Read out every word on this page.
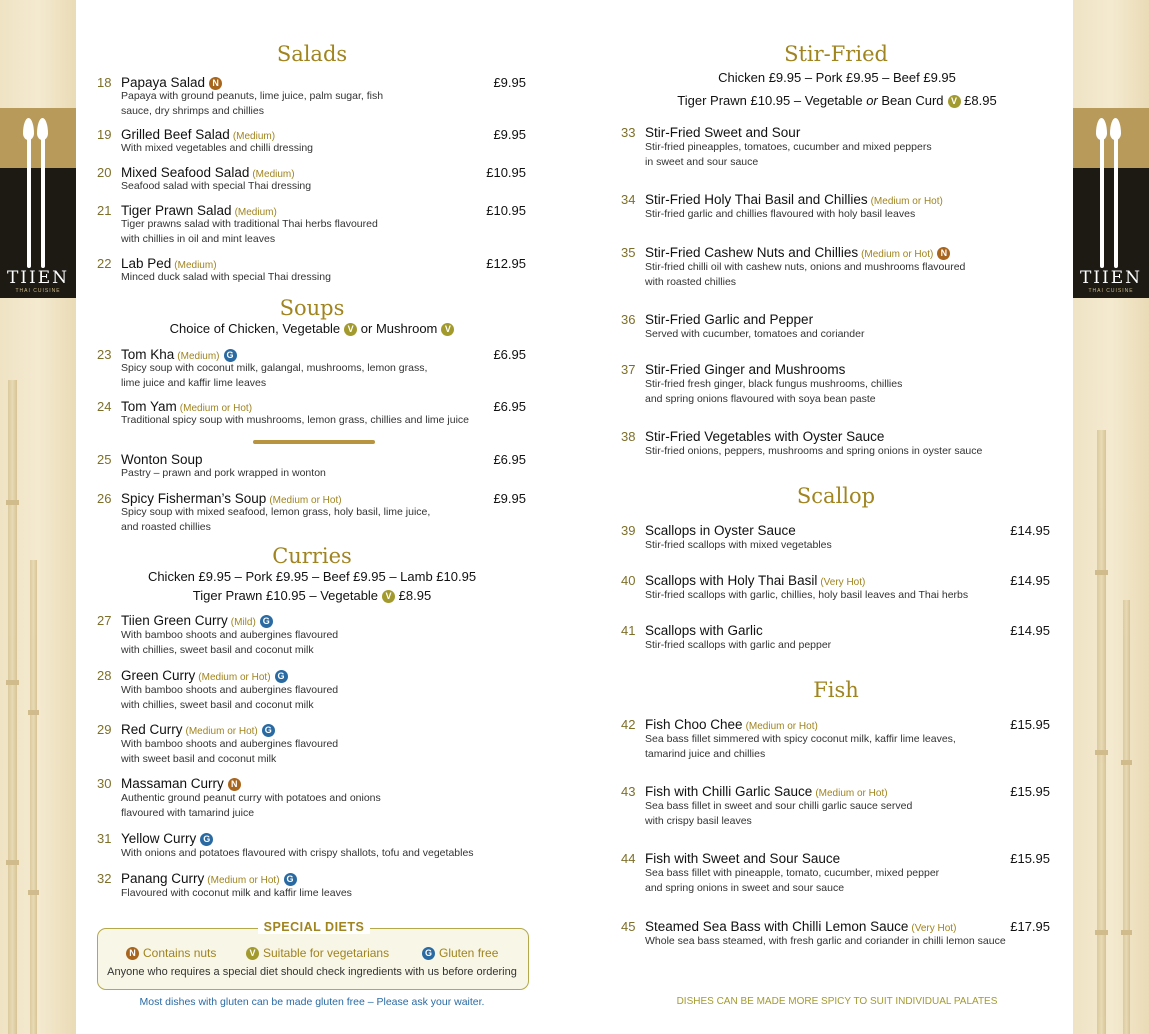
TIIEN
THAI CUISINE
TIIEN
THAI CUISINE
Salads
18 Papaya Salad N
Papaya with ground peanuts, lime juice, palm sugar, fish
sauce, dry shrimps and chillies
£9.95
19 Grilled Beef Salad (Medium)
With mixed vegetables and chilli dressing
£9.95
20 Mixed Seafood Salad (Medium)
Seafood salad with special Thai dressing
£10.95
21 Tiger Prawn Salad (Medium)
Tiger prawns salad with traditional Thai herbs flavoured
with chillies in oil and mint leaves
£10.95
22 Lab Ped (Medium)
Minced duck salad with special Thai dressing
£12.95
Soups
Choice of Chicken, Vegetable V or Mushroom V
23 Tom Kha (Medium) G
Spicy soup with coconut milk, galangal, mushrooms, lemon grass,
lime juice and kaffir lime leaves
£6.95
24 Tom Yam (Medium or Hot)
Traditional spicy soup with mushrooms, lemon grass, chillies and lime juice
£6.95
25 Wonton Soup
Pastry – prawn and pork wrapped in wonton
£6.95
26 Spicy Fisherman’s Soup (Medium or Hot)
Spicy soup with mixed seafood, lemon grass, holy basil, lime juice,
and roasted chillies
£9.95
Curries
Chicken £9.95 – Pork £9.95 – Beef £9.95 – Lamb £10.95
Tiger Prawn £10.95 – Vegetable V £8.95
27 Tiien Green Curry (Mild) G
With bamboo shoots and aubergines flavoured
with chillies, sweet basil and coconut milk
28 Green Curry (Medium or Hot) G
With bamboo shoots and aubergines flavoured
with chillies, sweet basil and coconut milk
29 Red Curry (Medium or Hot) G
With bamboo shoots and aubergines flavoured
with sweet basil and coconut milk
30 Massaman Curry N
Authentic ground peanut curry with potatoes and onions
flavoured with tamarind juice
31 Yellow Curry G
With onions and potatoes flavoured with crispy shallots, tofu and vegetables
32 Panang Curry (Medium or Hot) G
Flavoured with coconut milk and kaffir lime leaves
SPECIAL DIETS
N Contains nuts	V Suitable for vegetarians	G Gluten free
Anyone who requires a special diet should check ingredients with us before ordering
Most dishes with gluten can be made gluten free – Please ask your waiter.
Stir-Fried
Chicken £9.95 – Pork £9.95 – Beef £9.95
Tiger Prawn £10.95 – Vegetable or Bean Curd V £8.95
33 Stir-Fried Sweet and Sour
Stir-fried pineapples, tomatoes, cucumber and mixed peppers
in sweet and sour sauce
34 Stir-Fried Holy Thai Basil and Chillies (Medium or Hot)
Stir-fried garlic and chillies flavoured with holy basil leaves
35 Stir-Fried Cashew Nuts and Chillies (Medium or Hot) N
Stir-fried chilli oil with cashew nuts, onions and mushrooms flavoured
with roasted chillies
36 Stir-Fried Garlic and Pepper
Served with cucumber, tomatoes and coriander
37 Stir-Fried Ginger and Mushrooms
Stir-fried fresh ginger, black fungus mushrooms, chillies
and spring onions flavoured with soya bean paste
38 Stir-Fried Vegetables with Oyster Sauce
Stir-fried onions, peppers, mushrooms and spring onions in oyster sauce
Scallop
39 Scallops in Oyster Sauce
Stir-fried scallops with mixed vegetables
£14.95
40 Scallops with Holy Thai Basil (Very Hot)
Stir-fried scallops with garlic, chillies, holy basil leaves and Thai herbs
£14.95
41 Scallops with Garlic
Stir-fried scallops with garlic and pepper
£14.95
Fish
42 Fish Choo Chee (Medium or Hot)
Sea bass fillet simmered with spicy coconut milk, kaffir lime leaves,
tamarind juice and chillies
£15.95
43 Fish with Chilli Garlic Sauce (Medium or Hot)
Sea bass fillet in sweet and sour chilli garlic sauce served
with crispy basil leaves
£15.95
44 Fish with Sweet and Sour Sauce
Sea bass fillet with pineapple, tomato, cucumber, mixed pepper
and spring onions in sweet and sour sauce
£15.95
45 Steamed Sea Bass with Chilli Lemon Sauce (Very Hot)
Whole sea bass steamed, with fresh garlic and coriander in chilli lemon sauce
£17.95
DISHES CAN BE MADE MORE SPICY TO SUIT INDIVIDUAL PALATES
